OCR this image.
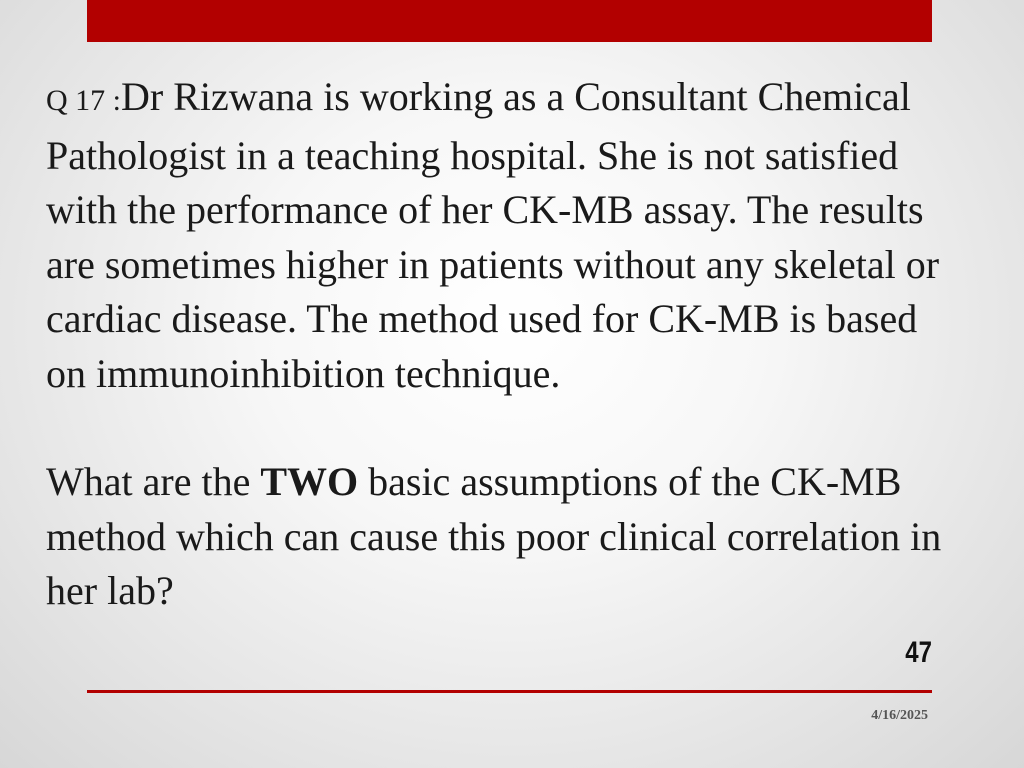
Q 17 :Dr Rizwana is working as a Consultant Chemical Pathologist in a teaching hospital. She is not satisfied with the performance of her CK-MB assay. The results are sometimes higher in patients without any skeletal or cardiac disease. The method used for CK-MB is based on immunoinhibition technique.
What are the TWO basic assumptions of the CK-MB method which can cause this poor clinical correlation in her lab?
47
4/16/2025
